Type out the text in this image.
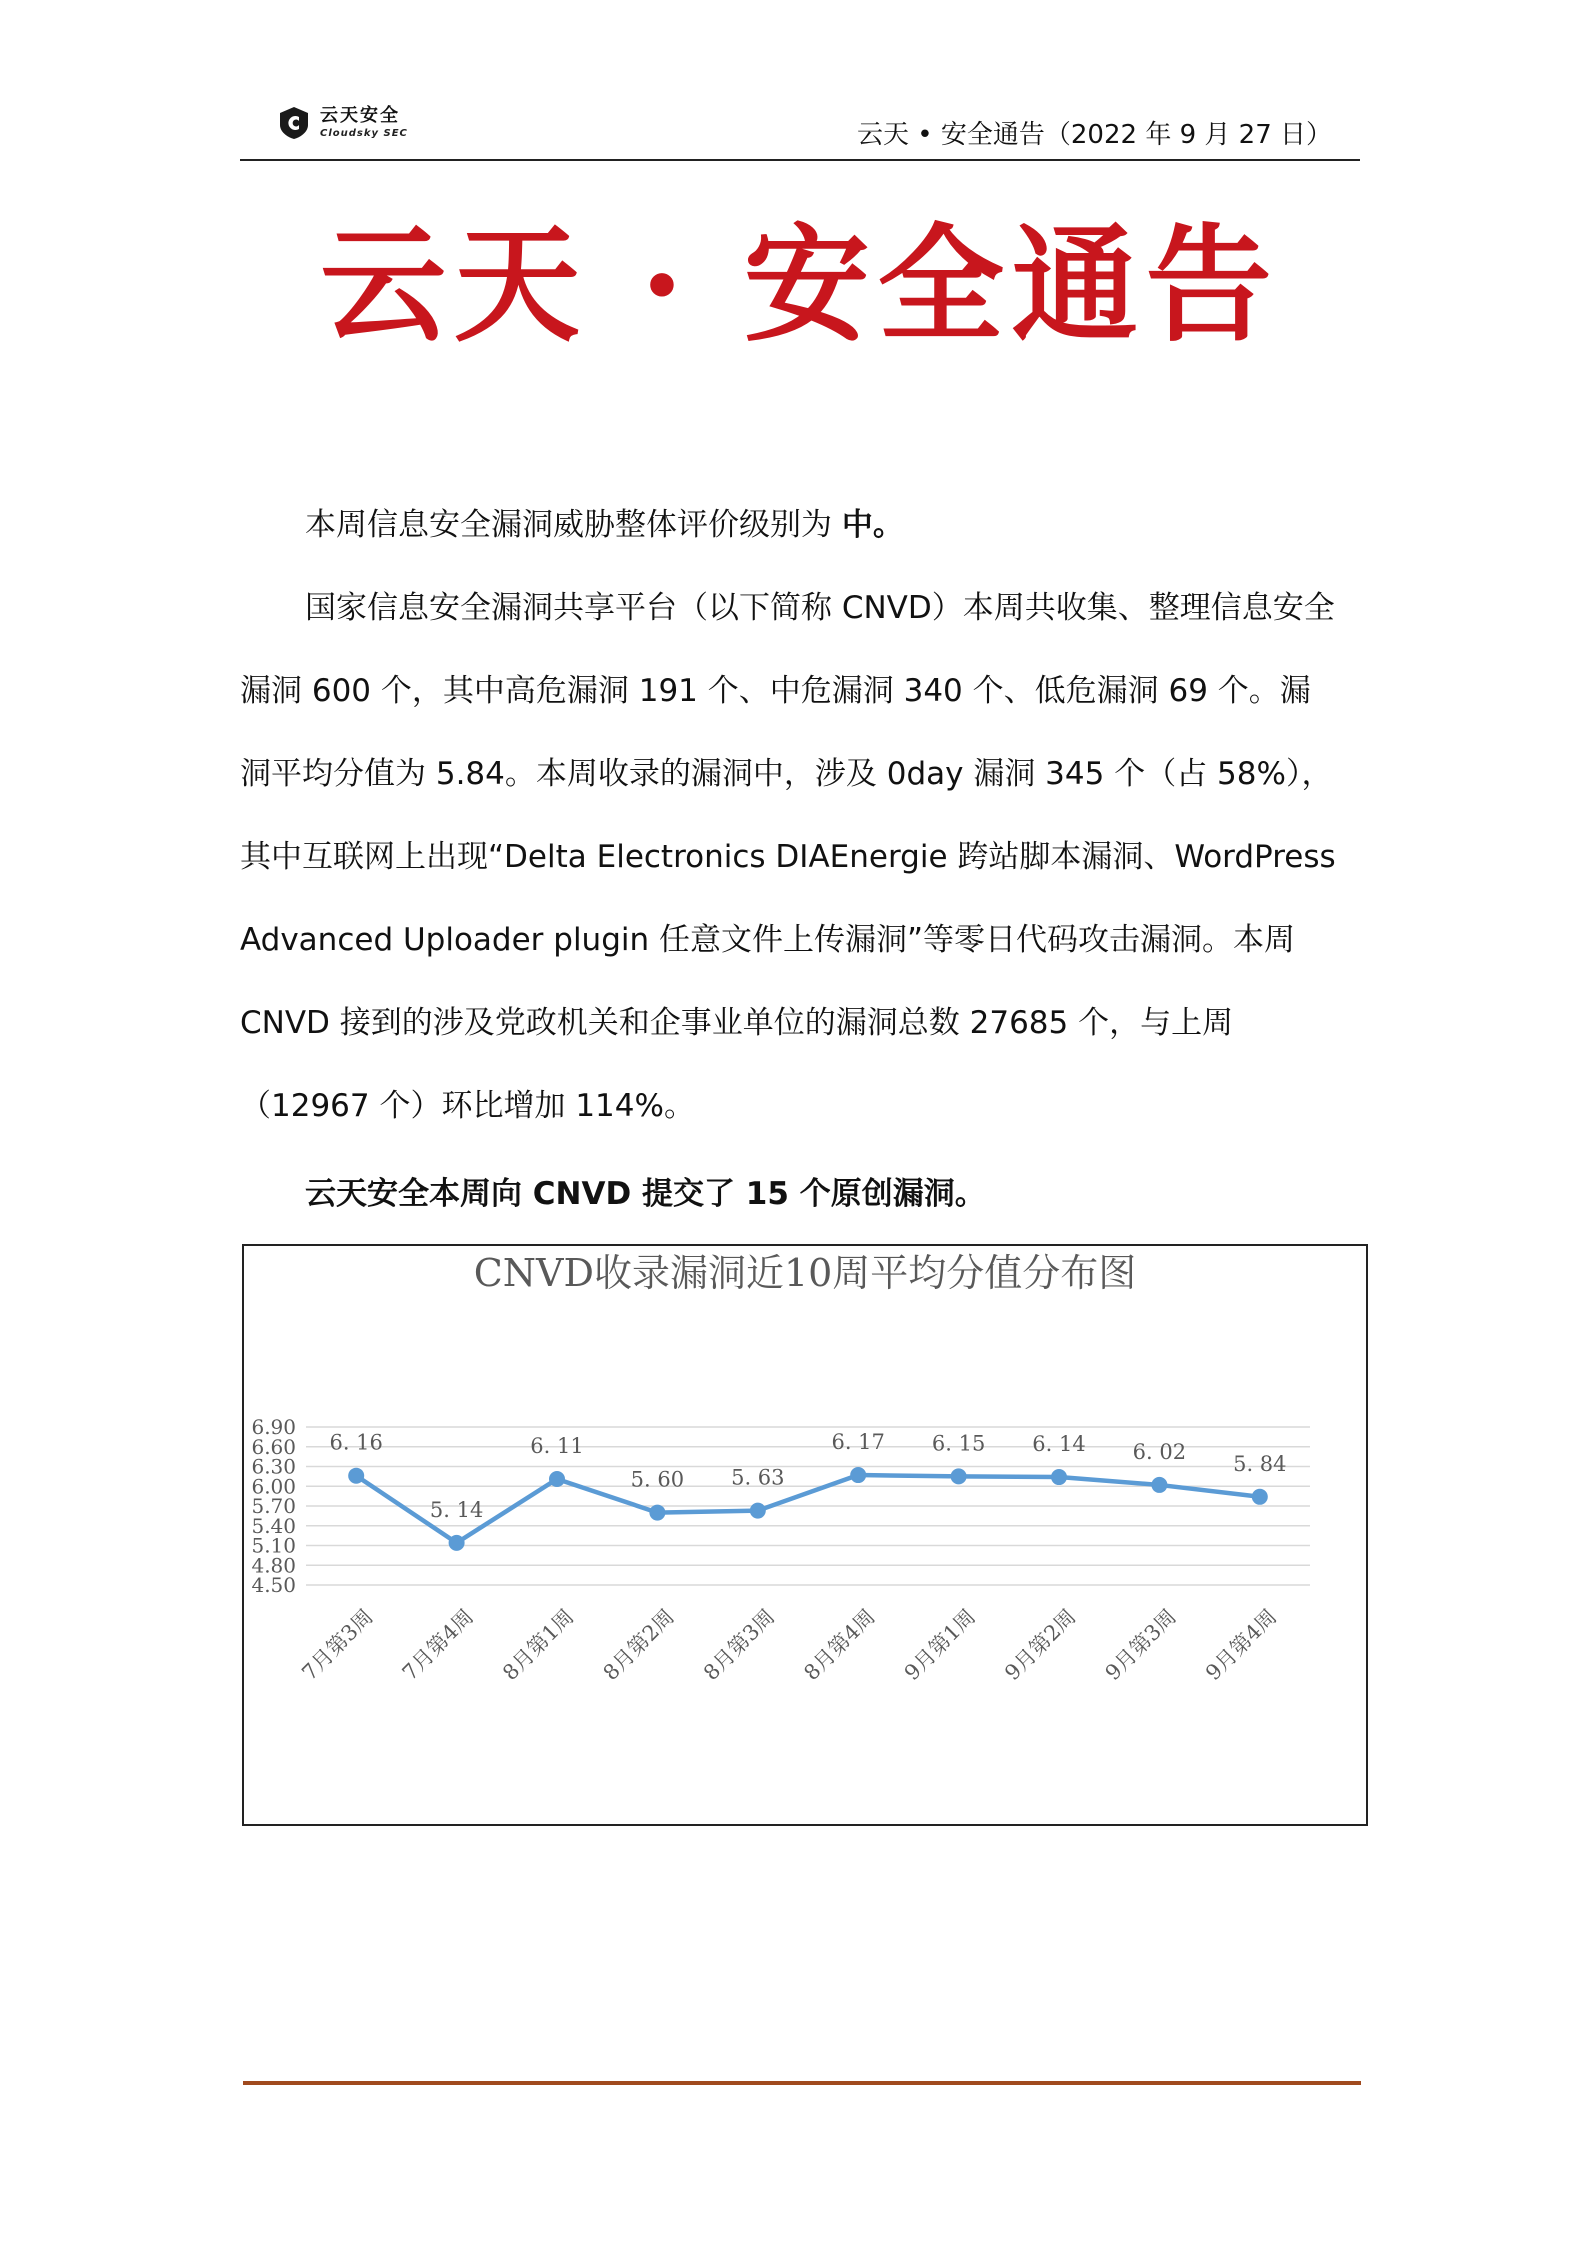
云天安全
Cloudsky SEC	云天 • 安全通告（2022 年 9 月 27 日）
云天 · 安全通告

本周信息安全漏洞威胁整体评价级别为 中。

国家信息安全漏洞共享平台（以下简称 CNVD）本周共收集、整理信息安全漏洞 600 个，其中高危漏洞 191 个、中危漏洞 340 个、低危漏洞 69 个。漏洞平均分值为 5.84。本周收录的漏洞中，涉及 0day 漏洞 345 个（占 58%），其中互联网上出现“Delta Electronics DIAEnergie 跨站脚本漏洞、WordPress Advanced Uploader plugin 任意文件上传漏洞”等零日代码攻击漏洞。本周 CNVD 接到的涉及党政机关和企事业单位的漏洞总数 27685 个，与上周（12967 个）环比增加 114%。

云天安全本周向 CNVD 提交了 15 个原创漏洞。

CNVD收录漏洞近10周平均分值分布图
6.90
6.60
6.30
6.00
5.70
5.40
5.10
4.80
4.50
6. 16
5. 14
6. 11
5. 60 5. 63
6. 17 6. 15 6. 14 6. 02 5. 84
7月第3周 7月第4周 8月第1周 8月第2周 8月第3周 8月第4周 9月第1周 9月第2周 9月第3周 9月第4周
